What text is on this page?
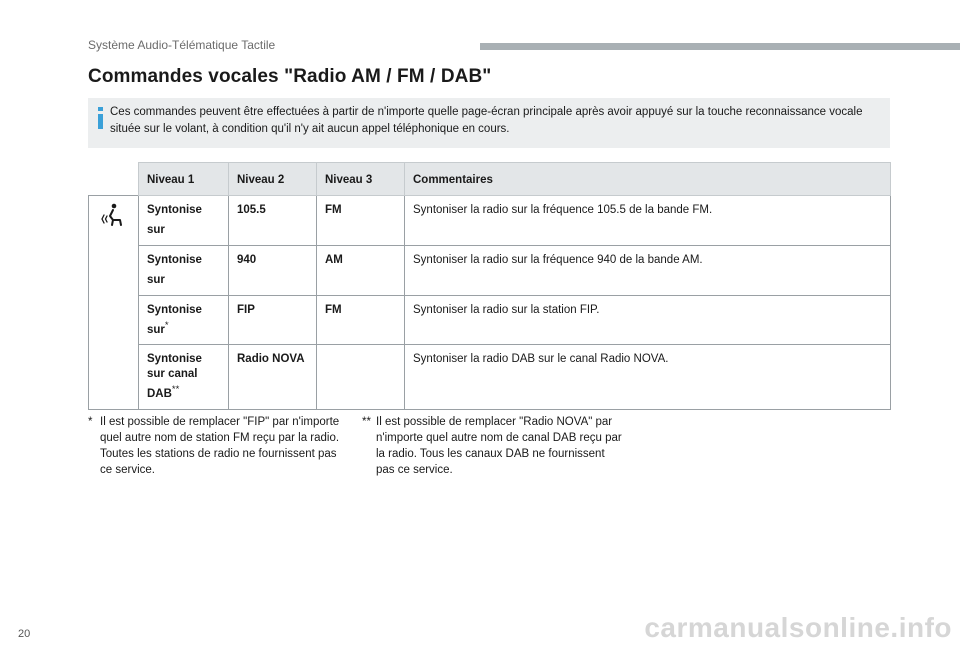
Système Audio-Télématique Tactile
Commandes vocales "Radio AM / FM / DAB"
Ces commandes peuvent être effectuées à partir de n'importe quelle page-écran principale après avoir appuyé sur la touche reconnaissance vocale située sur le volant, à condition qu'il n'y ait aucun appel téléphonique en cours.
	Niveau 1	Niveau 2	Niveau 3	Commentaires
	Syntonise sur	105.5	FM	Syntoniser la radio sur la fréquence 105.5 de la bande FM.
	Syntonise sur	940	AM	Syntoniser la radio sur la fréquence 940 de la bande AM.
	Syntonise sur*	FIP	FM	Syntoniser la radio sur la station FIP.
	Syntonise sur canal DAB**	Radio NOVA		Syntoniser la radio DAB sur le canal Radio NOVA.
* Il est possible de remplacer "FIP" par n'importe quel autre nom de station FM reçu par la radio. Toutes les stations de radio ne fournissent pas ce service.
** Il est possible de remplacer "Radio NOVA" par n'importe quel autre nom de canal DAB reçu par la radio. Tous les canaux DAB ne fournissent pas ce service.
20	carmanualsonline.info
